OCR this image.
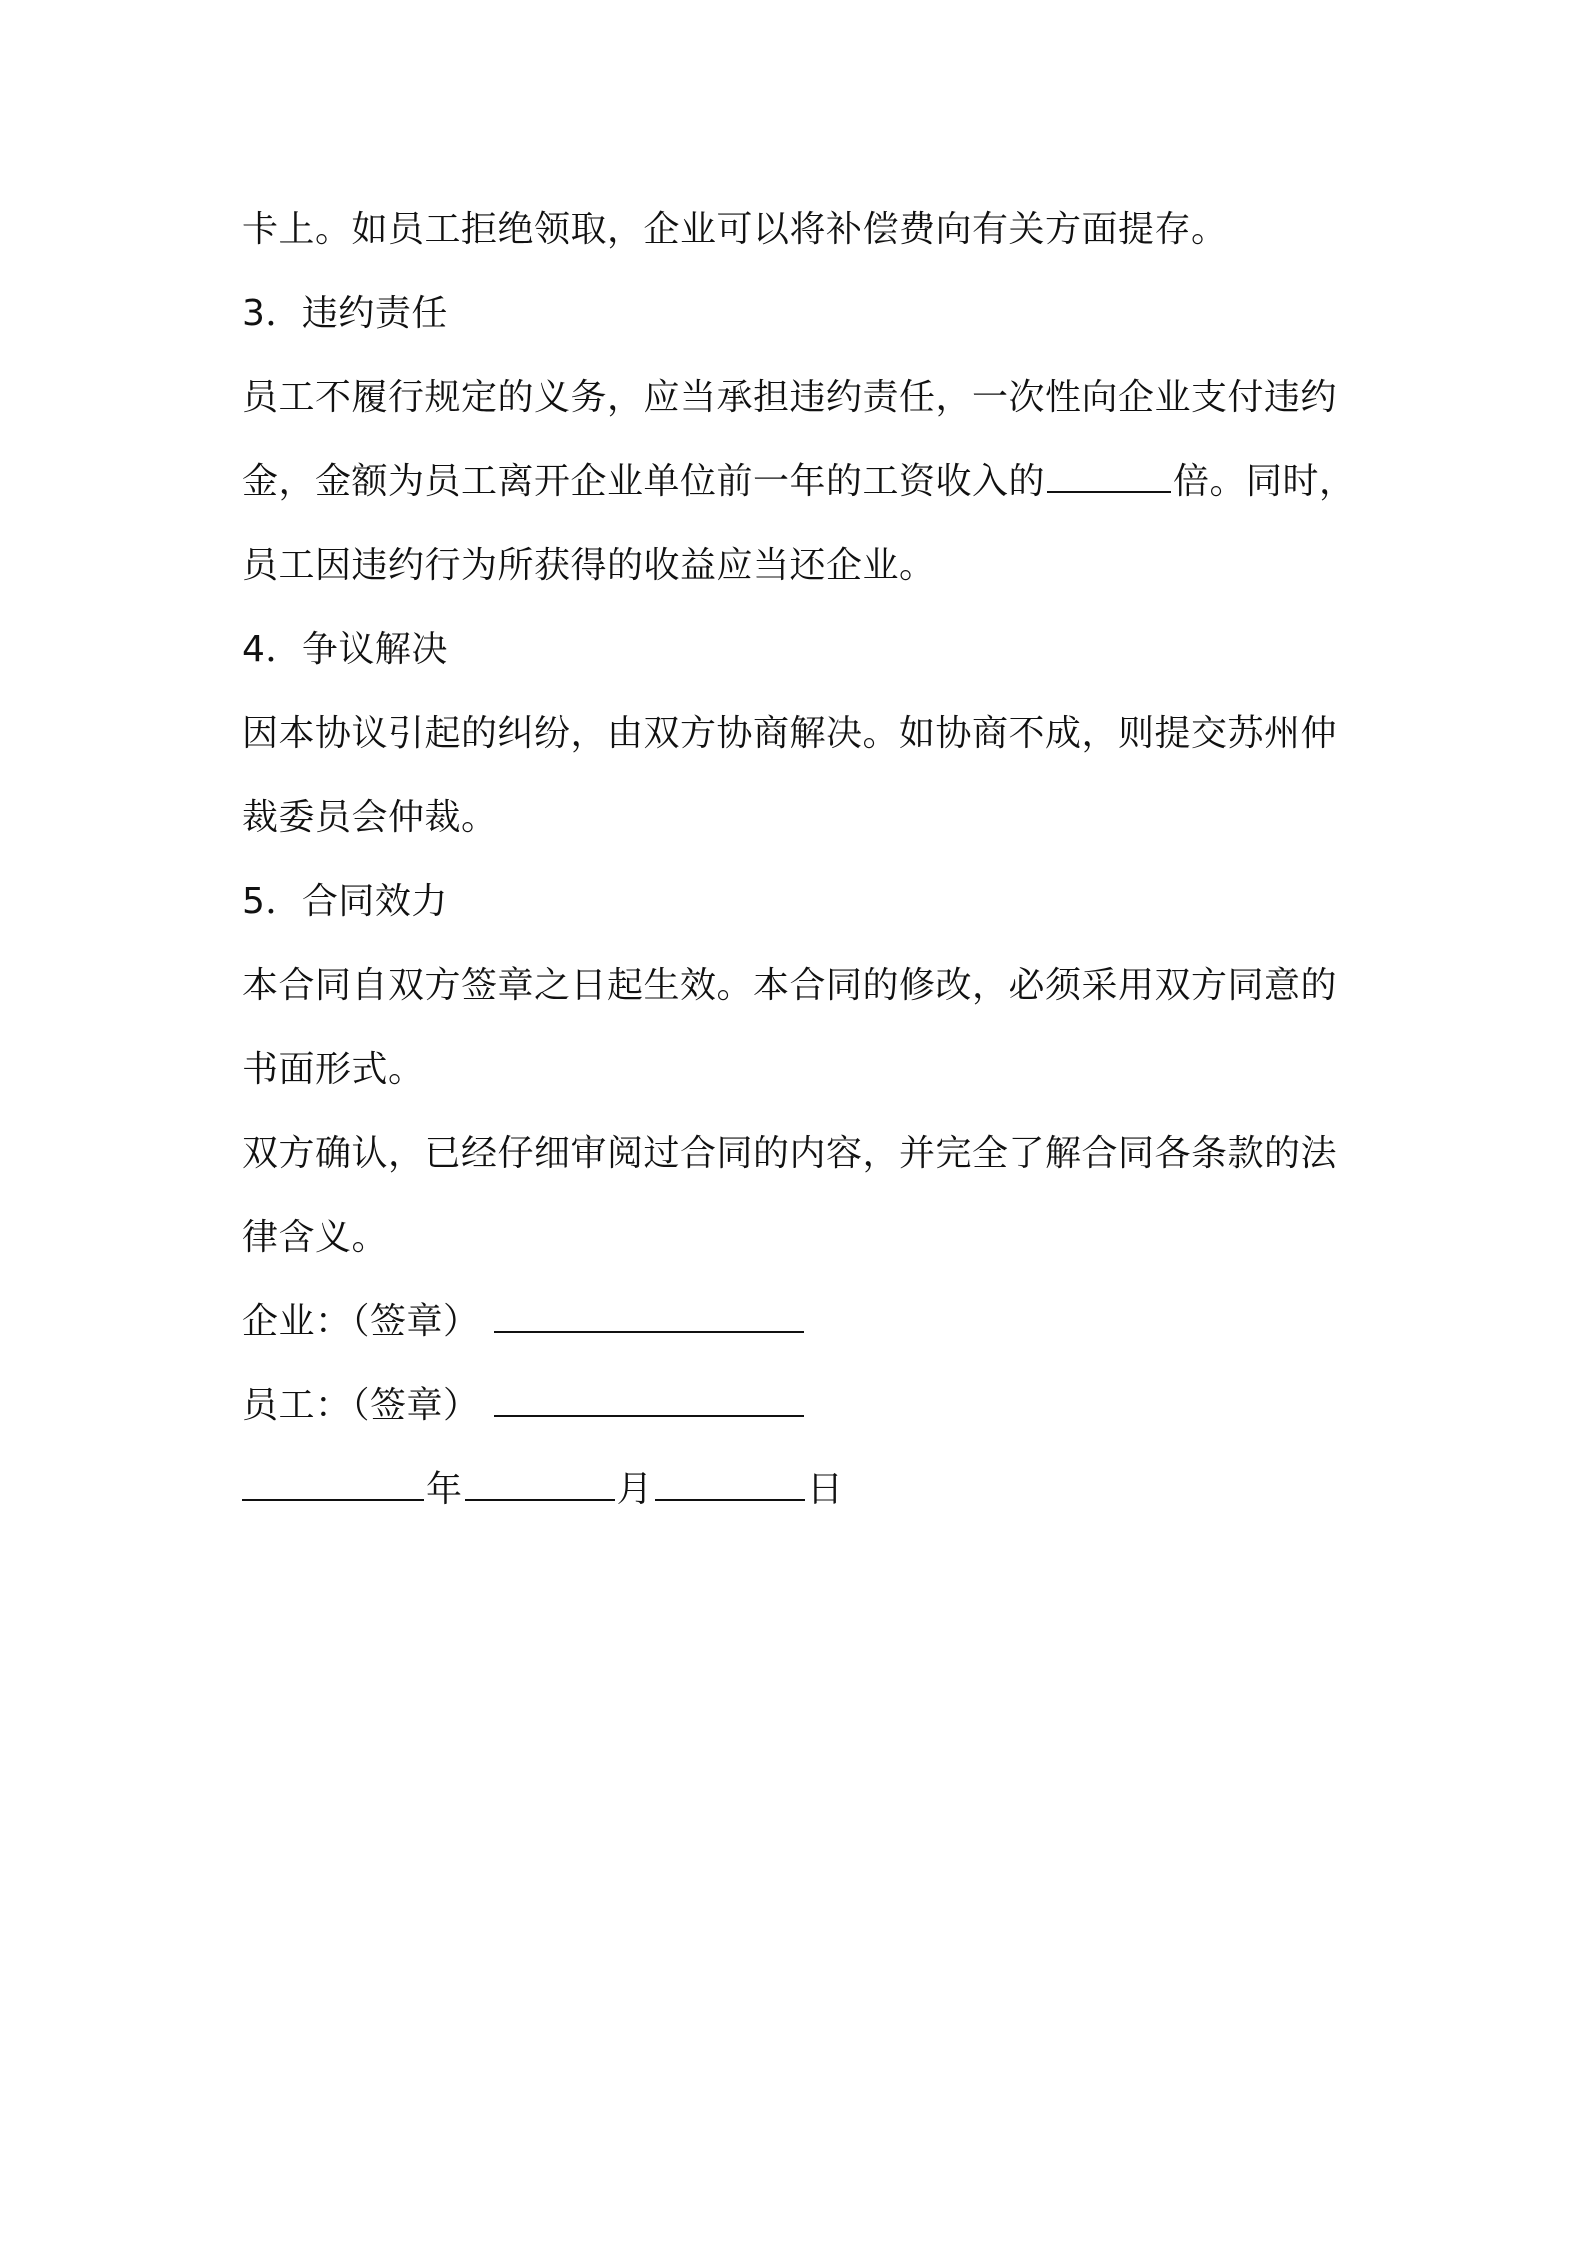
卡上。如员工拒绝领取，企业可以将补偿费向有关方面提存。
3．违约责任
员工不履行规定的义务，应当承担违约责任，一次性向企业支付违约
金，金额为员工离开企业单位前一年的工资收入的	倍。同时，
员工因违约行为所获得的收益应当还企业。
4．争议解决
因本协议引起的纠纷，由双方协商解决。如协商不成，则提交苏州仲
裁委员会仲裁。
5．合同效力
本合同自双方签章之日起生效。本合同的修改，必须采用双方同意的
书面形式。
双方确认，已经仔细审阅过合同的内容，并完全了解合同各条款的法
律含义。
企业：（签章）
员工：（签章）
年	月	日
